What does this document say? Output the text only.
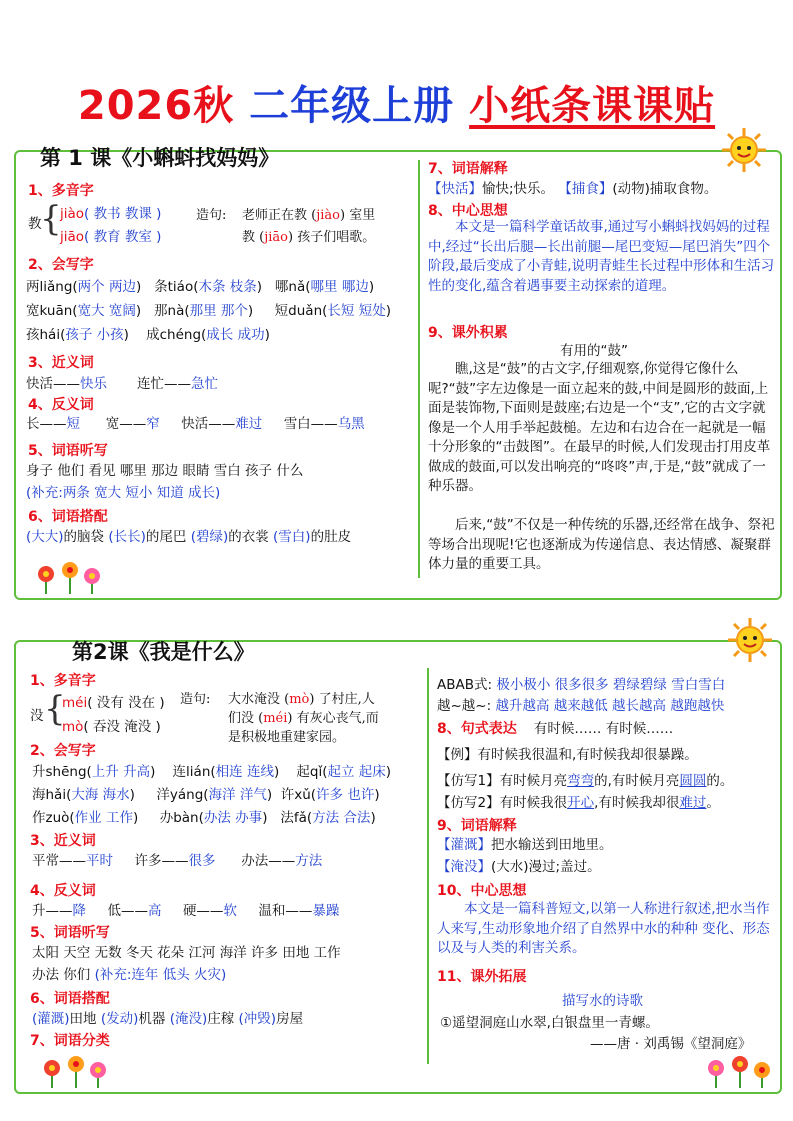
2026秋 二年级上册 小纸条课课贴
第 1 课《小蝌蚪找妈妈》
1、多音字
教
{
jiào( 教书 教课 )
jiāo( 教育 教室 )
造句: 老师正在教 (jiào) 室里
教 (jiāo) 孩子们唱歌。
2、会写字
两liǎng(两个 两边) 条tiáo(木条 枝条) 哪nǎ(哪里 哪边)
宽kuān(宽大 宽阔) 那nà(那里 那个) 短duǎn(长短 短处)
孩hái(孩子 小孩) 成chéng(成长 成功)
3、近义词
快活——快乐 连忙——急忙
4、反义词
长——短 宽——窄 快活——难过 雪白——乌黑
5、词语听写
身子 他们 看见 哪里 那边 眼睛 雪白 孩子 什么
(补充:两条 宽大 短小 知道 成长)
6、词语搭配
(大大)的脑袋 (长长)的尾巴 (碧绿)的衣裳 (雪白)的肚皮
7、词语解释
【快活】愉快;快乐。 【捕食】(动物)捕取食物。
8、中心思想
本文是一篇科学童话故事,通过写小蝌蚪找妈妈的过程中,经过“长出后腿—长出前腿—尾巴变短—尾巴消失”四个阶段,最后变成了小青蛙,说明青蛙生长过程中形体和生活习性的变化,蕴含着遇事要主动探索的道理。
9、课外积累
有用的“鼓”
瞧,这是“鼓”的古文字,仔细观察,你觉得它像什么呢?“鼓”字左边像是一面立起来的鼓,中间是圆形的鼓面,上面是装饰物,下面则是鼓座;右边是一个“支”,它的古文字就像是一个人用手举起鼓槌。左边和右边合在一起就是一幅十分形象的“击鼓图”。在最早的时候,人们发现击打用皮革做成的鼓面,可以发出响亮的“咚咚”声,于是,“鼓”就成了一种乐器。
后来,“鼓”不仅是一种传统的乐器,还经常在战争、祭祀等场合出现呢!它也逐渐成为传递信息、表达情感、凝聚群体力量的重要工具。
第2课《我是什么》
1、多音字
没 {
méi( 没有 没在 )
mò( 吞没 淹没 )
造句: 大水淹没 (mò) 了村庄,人
们没 (méi) 有灰心丧气,而
是积极地重建家园。
2、会写字
升shēng(上升 升高) 连lián(相连 连线) 起qǐ(起立 起床)
海hǎi(大海 海水) 洋yáng(海洋 洋气) 许xǔ(许多 也许)
作zuò(作业 工作) 办bàn(办法 办事) 法fǎ(方法 合法)
3、近义词
平常——平时 许多——很多 办法——方法
4、反义词
升——降 低——高 硬——软 温和——暴躁
5、词语听写
太阳 天空 无数 冬天 花朵 江河 海洋 许多 田地 工作
办法 你们 (补充:连年 低头 火灾)
6、词语搭配
(灌溉)田地 (发动)机器 (淹没)庄稼 (冲毁)房屋
7、词语分类
ABAB式: 极小极小 很多很多 碧绿碧绿 雪白雪白
越~越~: 越升越高 越来越低 越长越高 越跑越快
8、句式表达 有时候…… 有时候……
【例】有时候我很温和,有时候我却很暴躁。
【仿写1】有时候月亮弯弯的,有时候月亮圆圆的。
【仿写2】有时候我很开心,有时候我却很难过。
9、词语解释
【灌溉】把水输送到田地里。
【淹没】(大水)漫过;盖过。
10、中心思想
本文是一篇科普短文,以第一人称进行叙述,把水当作人来写,生动形象地介绍了自然界中水的种种 变化、形态以及与人类的利害关系。
11、课外拓展
描写水的诗歌
①遥望洞庭山水翠,白银盘里一青螺。
——唐 · 刘禹锡《望洞庭》
